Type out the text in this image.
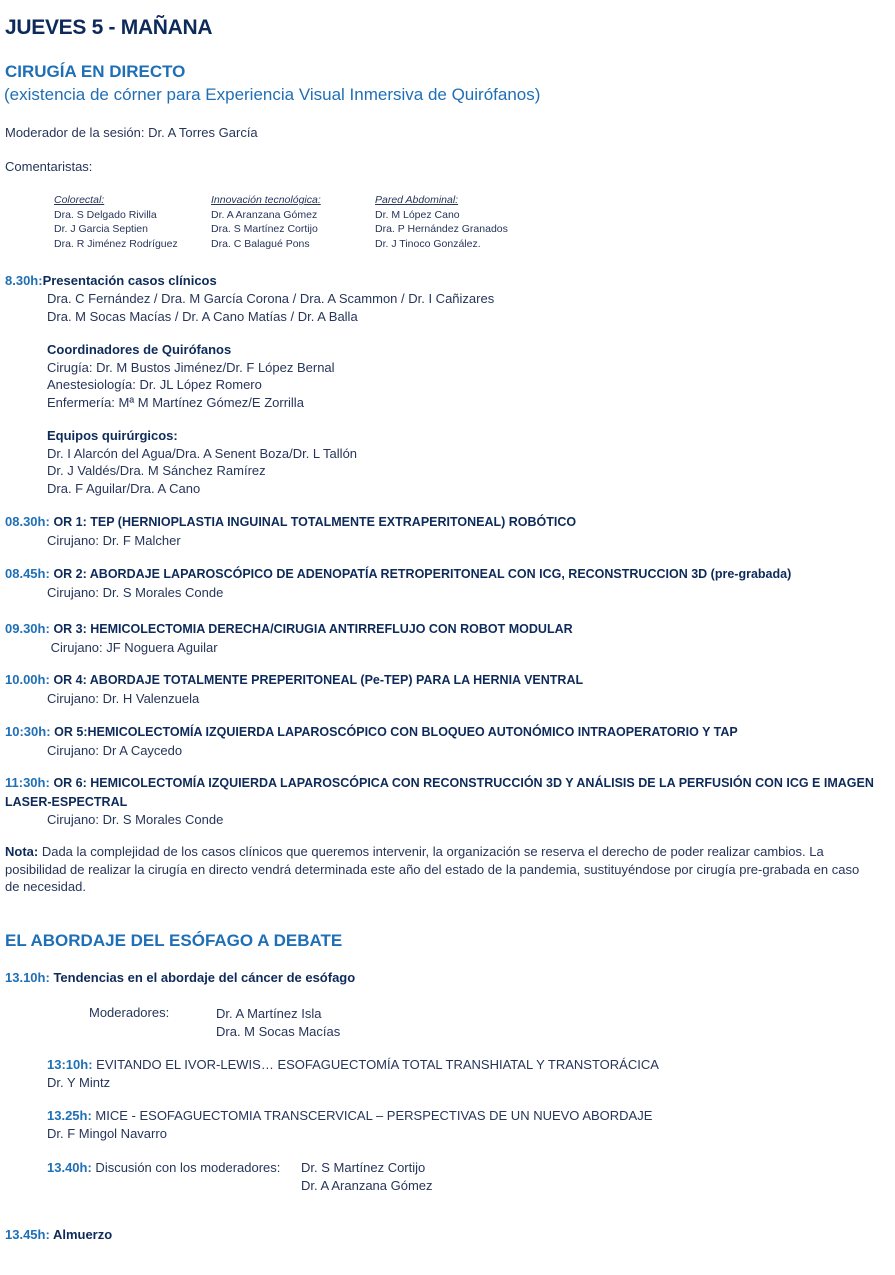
JUEVES 5 - MAÑANA
CIRUGÍA EN DIRECTO
(existencia de córner para Experiencia Visual Inmersiva de Quirófanos)
Moderador de la sesión: Dr. A Torres García
Comentaristas:
Colorectal:
Dra. S Delgado Rivilla
Dr. J Garcia Septien
Dra. R Jiménez Rodríguez
Innovación tecnológica:
Dr. A Aranzana Gómez
Dra. S Martínez Cortijo
Dra. C Balagué Pons
Pared Abdominal:
Dr. M López Cano
Dra. P Hernández Granados
Dr. J Tinoco González.
8.30h:Presentación casos clínicos
Dra. C Fernández / Dra. M García Corona / Dra. A Scammon / Dr. I Cañizares
Dra. M Socas Macías / Dr. A Cano Matías / Dr. A Balla
Coordinadores de Quirófanos
Cirugía: Dr. M Bustos Jiménez/Dr. F López Bernal
Anestesiología: Dr. JL López Romero
Enfermería: Mª M Martínez Gómez/E Zorrilla
Equipos quirúrgicos:
Dr. I Alarcón del Agua/Dra. A Senent Boza/Dr. L Tallón
Dr. J Valdés/Dra. M Sánchez Ramírez
Dra. F Aguilar/Dra. A Cano
08.30h: OR 1: TEP (HERNIOPLASTIA INGUINAL TOTALMENTE EXTRAPERITONEAL) ROBÓTICO
Cirujano: Dr. F Malcher
08.45h: OR 2: ABORDAJE LAPAROSCÓPICO DE ADENOPATÍA RETROPERITONEAL CON ICG, RECONSTRUCCION 3D (pre-grabada)
Cirujano: Dr. S Morales Conde
09.30h: OR 3: HEMICOLECTOMIA DERECHA/CIRUGIA ANTIRREFLUJO CON ROBOT MODULAR
Cirujano: JF Noguera Aguilar
10.00h: OR 4: ABORDAJE TOTALMENTE PREPERITONEAL (Pe-TEP) PARA LA HERNIA VENTRAL
Cirujano: Dr. H Valenzuela
10:30h: OR 5:HEMICOLECTOMÍA IZQUIERDA LAPAROSCÓPICO CON BLOQUEO AUTONÓMICO INTRAOPERATORIO Y TAP
Cirujano: Dr A Caycedo
11:30h: OR 6: HEMICOLECTOMÍA IZQUIERDA LAPAROSCÓPICA CON RECONSTRUCCIÓN 3D Y ANÁLISIS DE LA PERFUSIÓN CON ICG E IMAGEN LASER-ESPECTRAL
Cirujano: Dr. S Morales Conde
Nota: Dada la complejidad de los casos clínicos que queremos intervenir, la organización se reserva el derecho de poder realizar cambios. La posibilidad de realizar la cirugía en directo vendrá determinada este año del estado de la pandemia, sustituyéndose por cirugía pre-grabada en caso de necesidad.
EL ABORDAJE DEL ESÓFAGO A DEBATE
13.10h: Tendencias en el abordaje del cáncer de esófago
Moderadores:	Dr. A Martínez Isla
Dra. M Socas Macías
13:10h: EVITANDO EL IVOR-LEWIS… ESOFAGUECTOMÍA TOTAL TRANSHIATAL Y TRANSTORÁCICA
Dr. Y Mintz
13.25h: MICE - ESOFAGUECTOMIA TRANSCERVICAL – PERSPECTIVAS DE UN NUEVO ABORDAJE
Dr. F Mingol Navarro
13.40h: Discusión con los moderadores: Dr. S Martínez Cortijo
Dr. A Aranzana Gómez
13.45h: Almuerzo
